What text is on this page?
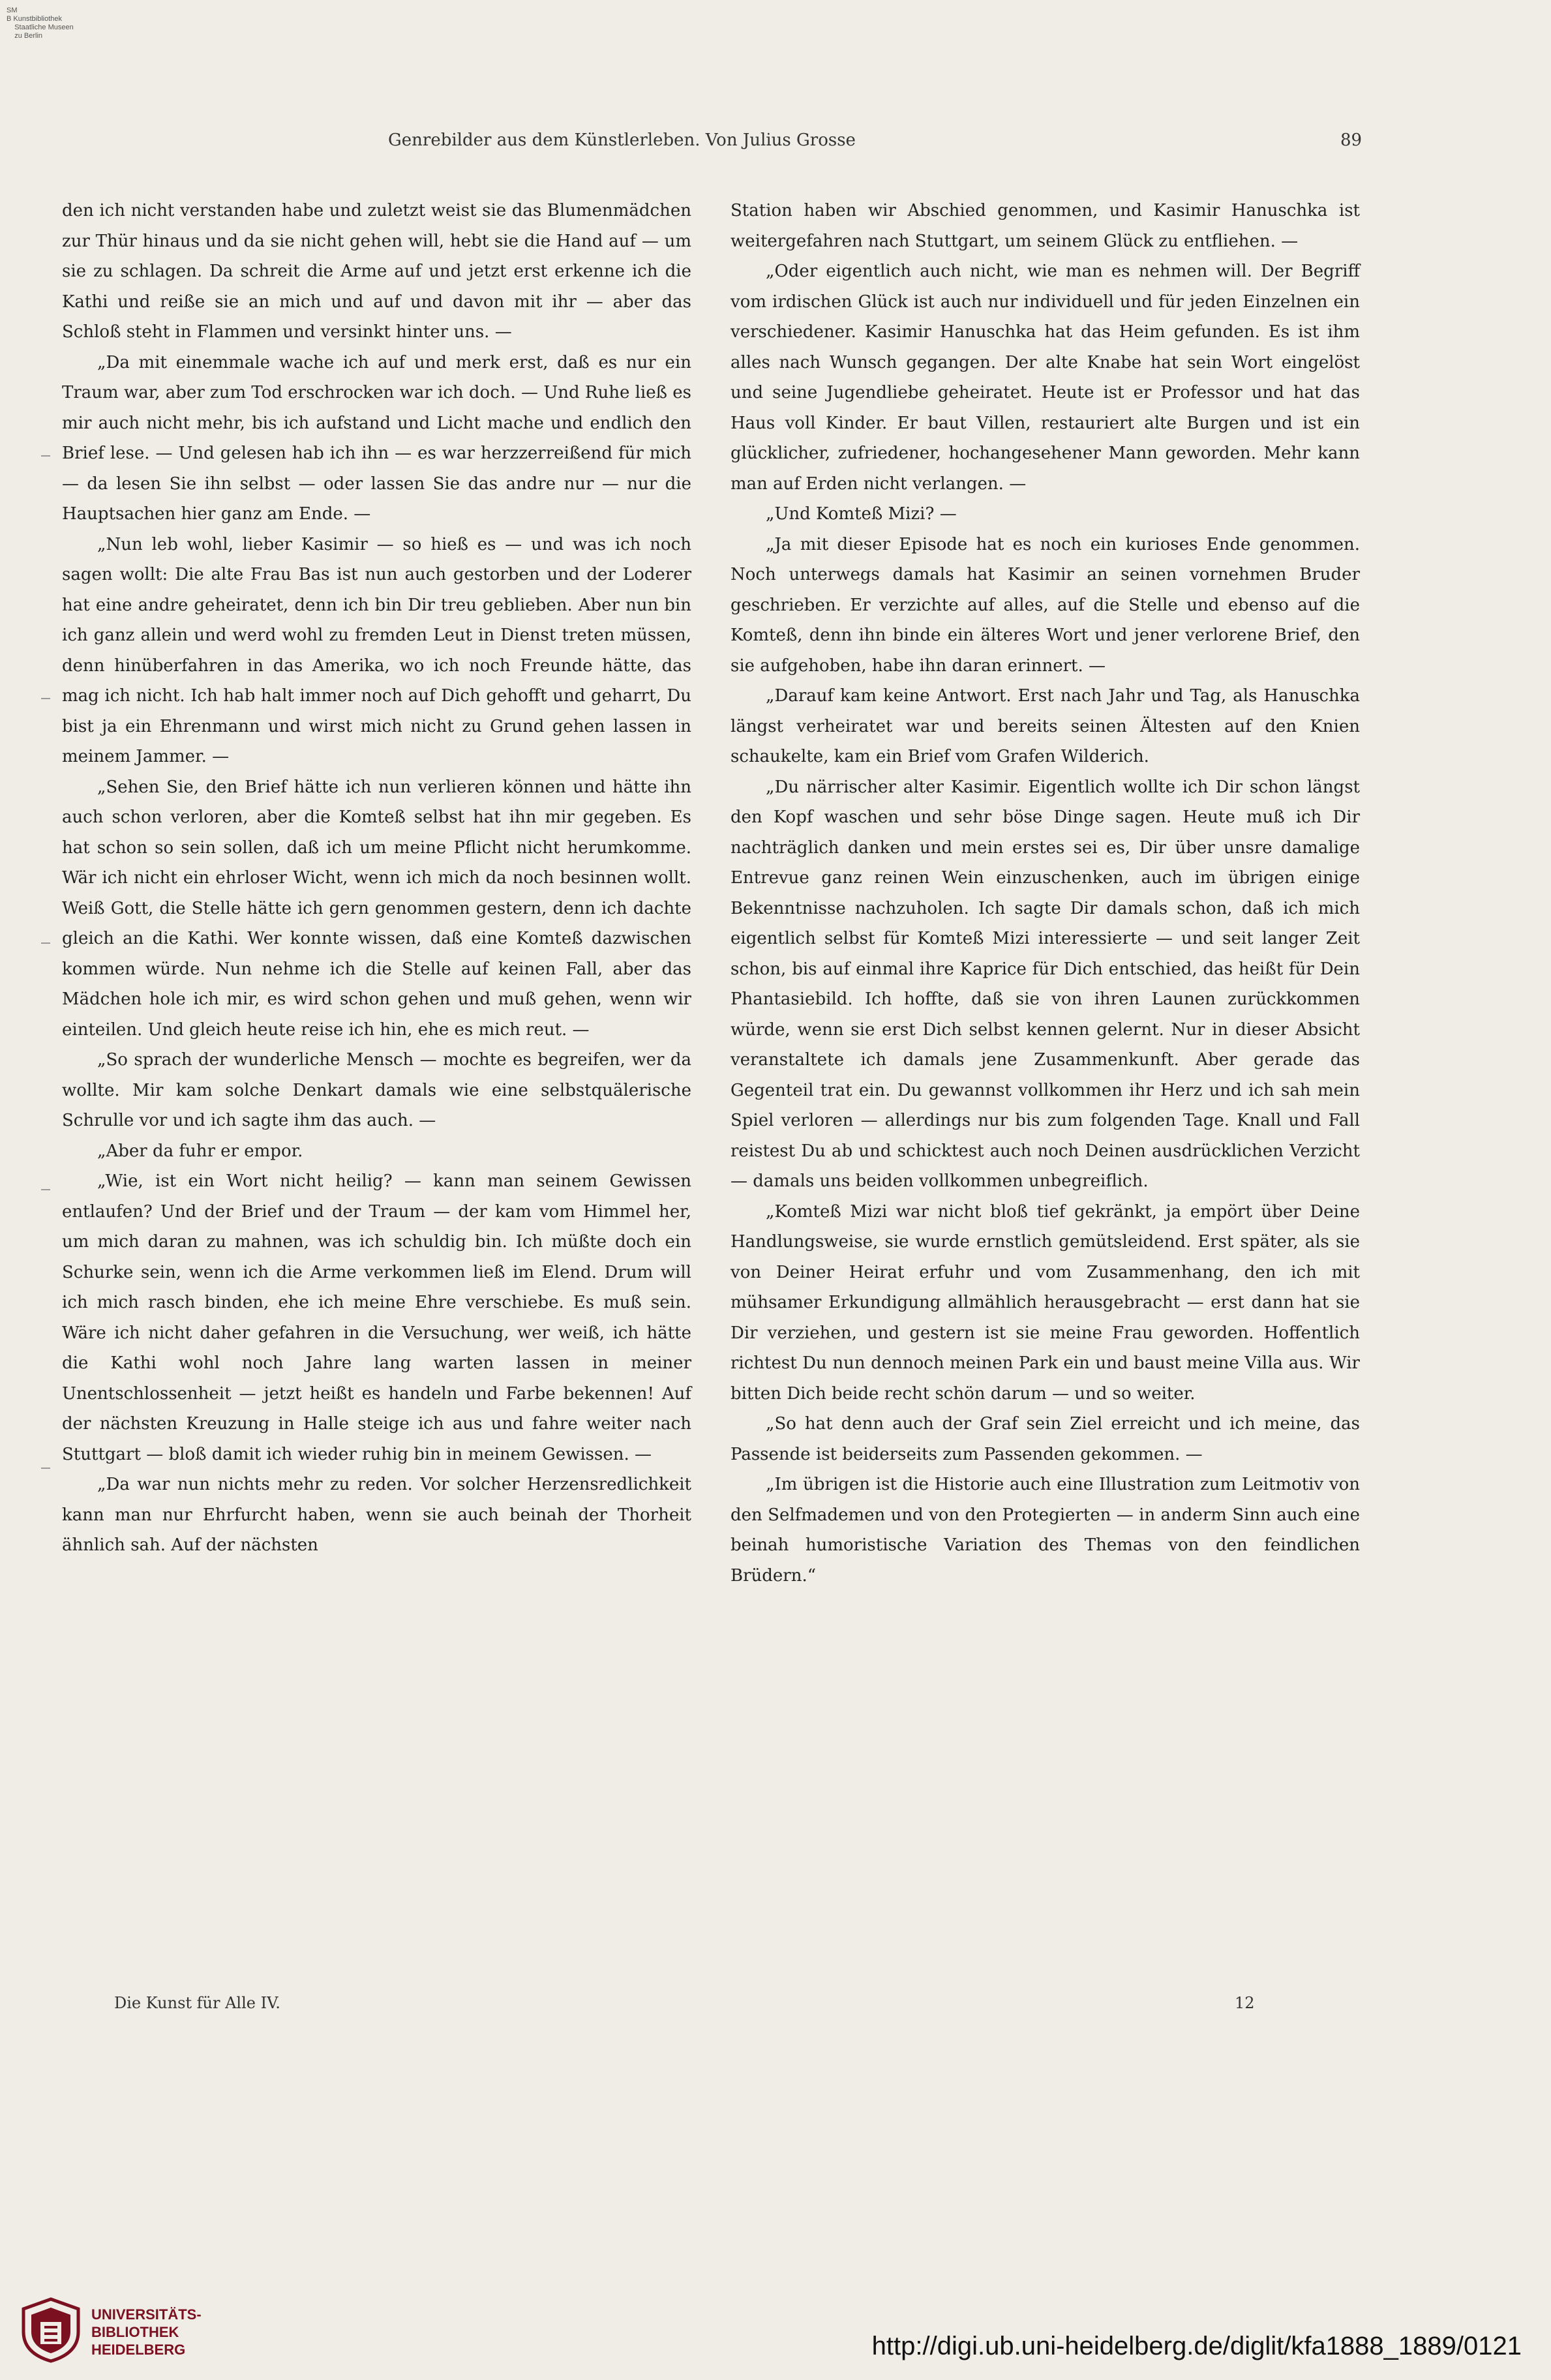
SM
B Kunstbibliothek
Staatliche Museen
zu Berlin
Genrebilder aus dem Künstlerleben. Von Julius Grosse	89

den ich nicht verstanden habe und zuletzt weist sie das Blumenmädchen zur Thür hinaus und da sie nicht gehen will, hebt sie die Hand auf — um sie zu schlagen. Da schreit die Arme auf und jetzt erst erkenne ich die Kathi und reiße sie an mich und auf und davon mit ihr — aber das Schloß steht in Flammen und versinkt hinter uns. —

„Da mit einemmale wache ich auf und merk erst, daß es nur ein Traum war, aber zum Tod erschrocken war ich doch. — Und Ruhe ließ es mir auch nicht mehr, bis ich aufstand und Licht mache und endlich den Brief lese. — Und gelesen hab ich ihn — es war herzzerreißend für mich — da lesen Sie ihn selbst — oder lassen Sie das andre nur — nur die Hauptsachen hier ganz am Ende. —

„Nun leb wohl, lieber Kasimir — so hieß es — und was ich noch sagen wollt: Die alte Frau Bas ist nun auch gestorben und der Loderer hat eine andre geheiratet, denn ich bin Dir treu geblieben. Aber nun bin ich ganz allein und werd wohl zu fremden Leut in Dienst treten müssen, denn hinüberfahren in das Amerika, wo ich noch Freunde hätte, das mag ich nicht. Ich hab halt immer noch auf Dich gehofft und geharrt, Du bist ja ein Ehrenmann und wirst mich nicht zu Grund gehen lassen in meinem Jammer. —

„Sehen Sie, den Brief hätte ich nun verlieren können und hätte ihn auch schon verloren, aber die Komteß selbst hat ihn mir gegeben. Es hat schon so sein sollen, daß ich um meine Pflicht nicht herumkomme. Wär ich nicht ein ehrloser Wicht, wenn ich mich da noch besinnen wollt. Weiß Gott, die Stelle hätte ich gern genommen gestern, denn ich dachte gleich an die Kathi. Wer konnte wissen, daß eine Komteß dazwischen kommen würde. Nun nehme ich die Stelle auf keinen Fall, aber das Mädchen hole ich mir, es wird schon gehen und muß gehen, wenn wir einteilen. Und gleich heute reise ich hin, ehe es mich reut. —

„So sprach der wunderliche Mensch — mochte es begreifen, wer da wollte. Mir kam solche Denkart damals wie eine selbstquälerische Schrulle vor und ich sagte ihm das auch. —

„Aber da fuhr er empor.

„Wie, ist ein Wort nicht heilig? — kann man seinem Gewissen entlaufen? Und der Brief und der Traum — der kam vom Himmel her, um mich daran zu mahnen, was ich schuldig bin. Ich müßte doch ein Schurke sein, wenn ich die Arme verkommen ließ im Elend. Drum will ich mich rasch binden, ehe ich meine Ehre verschiebe. Es muß sein. Wäre ich nicht daher gefahren in die Versuchung, wer weiß, ich hätte die Kathi wohl noch Jahre lang warten lassen in meiner Unentschlossenheit — jetzt heißt es handeln und Farbe bekennen! Auf der nächsten Kreuzung in Halle steige ich aus und fahre weiter nach Stuttgart — bloß damit ich wieder ruhig bin in meinem Gewissen. —

„Da war nun nichts mehr zu reden. Vor solcher Herzensredlichkeit kann man nur Ehrfurcht haben, wenn sie auch beinah der Thorheit ähnlich sah. Auf der nächsten

Station haben wir Abschied genommen, und Kasimir Hanuschka ist weitergefahren nach Stuttgart, um seinem Glück zu entfliehen. —

„Oder eigentlich auch nicht, wie man es nehmen will. Der Begriff vom irdischen Glück ist auch nur individuell und für jeden Einzelnen ein verschiedener. Kasimir Hanuschka hat das Heim gefunden. Es ist ihm alles nach Wunsch gegangen. Der alte Knabe hat sein Wort eingelöst und seine Jugendliebe geheiratet. Heute ist er Professor und hat das Haus voll Kinder. Er baut Villen, restauriert alte Burgen und ist ein glücklicher, zufriedener, hochangesehener Mann geworden. Mehr kann man auf Erden nicht verlangen. —

„Und Komteß Mizi? —

„Ja mit dieser Episode hat es noch ein kurioses Ende genommen. Noch unterwegs damals hat Kasimir an seinen vornehmen Bruder geschrieben. Er verzichte auf alles, auf die Stelle und ebenso auf die Komteß, denn ihn binde ein älteres Wort und jener verlorene Brief, den sie aufgehoben, habe ihn daran erinnert. —

„Darauf kam keine Antwort. Erst nach Jahr und Tag, als Hanuschka längst verheiratet war und bereits seinen Ältesten auf den Knien schaukelte, kam ein Brief vom Grafen Wilderich.

„Du närrischer alter Kasimir. Eigentlich wollte ich Dir schon längst den Kopf waschen und sehr böse Dinge sagen. Heute muß ich Dir nachträglich danken und mein erstes sei es, Dir über unsre damalige Entrevue ganz reinen Wein einzuschenken, auch im übrigen einige Bekenntnisse nachzuholen. Ich sagte Dir damals schon, daß ich mich eigentlich selbst für Komteß Mizi interessierte — und seit langer Zeit schon, bis auf einmal ihre Kaprice für Dich entschied, das heißt für Dein Phantasiebild. Ich hoffte, daß sie von ihren Launen zurückkommen würde, wenn sie erst Dich selbst kennen gelernt. Nur in dieser Absicht veranstaltete ich damals jene Zusammenkunft. Aber gerade das Gegenteil trat ein. Du gewannst vollkommen ihr Herz und ich sah mein Spiel verloren — allerdings nur bis zum folgenden Tage. Knall und Fall reistest Du ab und schicktest auch noch Deinen ausdrücklichen Verzicht — damals uns beiden vollkommen unbegreiflich.

„Komteß Mizi war nicht bloß tief gekränkt, ja empört über Deine Handlungsweise, sie wurde ernstlich gemütsleidend. Erst später, als sie von Deiner Heirat erfuhr und vom Zusammenhang, den ich mit mühsamer Erkundigung allmählich herausgebracht — erst dann hat sie Dir verziehen, und gestern ist sie meine Frau geworden. Hoffentlich richtest Du nun dennoch meinen Park ein und baust meine Villa aus. Wir bitten Dich beide recht schön darum — und so weiter.

„So hat denn auch der Graf sein Ziel erreicht und ich meine, das Passende ist beiderseits zum Passenden gekommen. —

„Im übrigen ist die Historie auch eine Illustration zum Leitmotiv von den Selfmademen und von den Protegierten — in anderm Sinn auch eine beinah humoristische Variation des Themas von den feindlichen Brüdern.“

Die Kunst für Alle IV.	12
UNIVERSITÄTS-
BIBLIOTHEK
HEIDELBERG	http://digi.ub.uni-heidelberg.de/diglit/kfa1888_1889/0121
